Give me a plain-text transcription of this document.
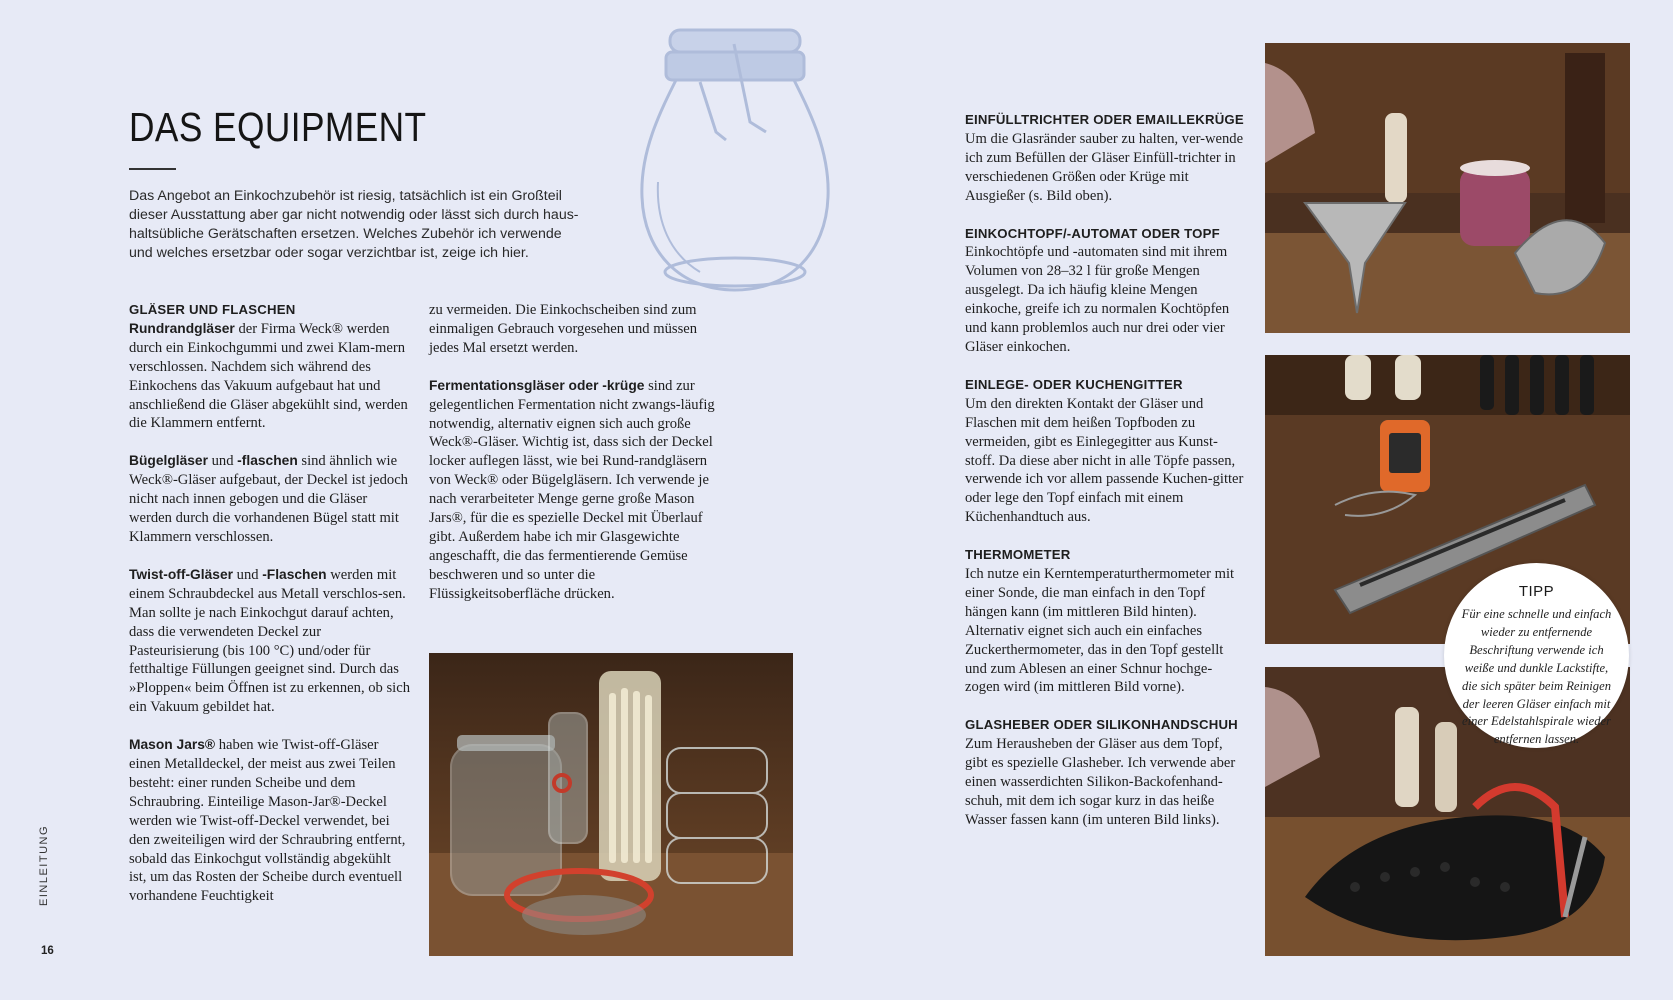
DAS EQUIPMENT
Das Angebot an Einkochzubehör ist riesig, tatsächlich ist ein Großteil dieser Ausstattung aber gar nicht notwendig oder lässt sich durch haus-haltsübliche Gerätschaften ersetzen. Welches Zubehör ich verwende und welches ersetzbar oder sogar verzichtbar ist, zeige ich hier.
GLÄSER UND FLASCHEN

Rundrandgläser der Firma Weck® werden durch ein Einkochgummi und zwei Klam-mern verschlossen. Nachdem sich während des Einkochens das Vakuum aufgebaut hat und anschließend die Gläser abgekühlt sind, werden die Klammern entfernt.

Bügelgläser und -flaschen sind ähnlich wie Weck®-Gläser aufgebaut, der Deckel ist jedoch nicht nach innen gebogen und die Gläser werden durch die vorhandenen Bügel statt mit Klammern verschlossen.

Twist-off-Gläser und -Flaschen werden mit einem Schraubdeckel aus Metall verschlos-sen. Man sollte je nach Einkochgut darauf achten, dass die verwendeten Deckel zur Pasteurisierung (bis 100 °C) und/oder für fetthaltige Füllungen geeignet sind. Durch das »Ploppen« beim Öffnen ist zu erkennen, ob sich ein Vakuum gebildet hat.

Mason Jars® haben wie Twist-off-Gläser einen Metalldeckel, der meist aus zwei Teilen besteht: einer runden Scheibe und dem Schraubring. Einteilige Mason-Jar®-Deckel werden wie Twist-off-Deckel verwendet, bei den zweiteiligen wird der Schraubring entfernt, sobald das Einkochgut vollständig abgekühlt ist, um das Rosten der Scheibe durch eventuell vorhandene Feuchtigkeit

zu vermeiden. Die Einkochscheiben sind zum einmaligen Gebrauch vorgesehen und müssen jedes Mal ersetzt werden.

Fermentationsgläser oder -krüge sind zur gelegentlichen Fermentation nicht zwangs-läufig notwendig, alternativ eignen sich auch große Weck®-Gläser. Wichtig ist, dass sich der Deckel locker auflegen lässt, wie bei Rund-randgläsern von Weck® oder Bügelgläsern. Ich verwende je nach verarbeiteter Menge gerne große Mason Jars®, für die es spezielle Deckel mit Überlauf gibt. Außerdem habe ich mir Glasgewichte angeschafft, die das fermentierende Gemüse beschweren und so unter die Flüssigkeitsoberfläche drücken.

EINFÜLLTRICHTER ODER EMAILLEKRÜGE
Um die Glasränder sauber zu halten, ver-wende ich zum Befüllen der Gläser Einfüll-trichter in verschiedenen Größen oder Krüge mit Ausgießer (s. Bild oben).

EINKOCHTOPF/-AUTOMAT ODER TOPF
Einkochtöpfe und -automaten sind mit ihrem Volumen von 28–32 l für große Mengen ausgelegt. Da ich häufig kleine Mengen einkoche, greife ich zu normalen Kochtöpfen und kann problemlos auch nur drei oder vier Gläser einkochen.

EINLEGE- ODER KUCHENGITTER
Um den direkten Kontakt der Gläser und Flaschen mit dem heißen Topfboden zu vermeiden, gibt es Einlegegitter aus Kunst-stoff. Da diese aber nicht in alle Töpfe passen, verwende ich vor allem passende Kuchen-gitter oder lege den Topf einfach mit einem Küchenhandtuch aus.

THERMOMETER
Ich nutze ein Kerntemperaturthermometer mit einer Sonde, die man einfach in den Topf hängen kann (im mittleren Bild hinten). Alternativ eignet sich auch ein einfaches Zuckerthermometer, das in den Topf gestellt und zum Ablesen an einer Schnur hochge-zogen wird (im mittleren Bild vorne).

GLASHEBER ODER SILIKONHANDSCHUH
Zum Herausheben der Gläser aus dem Topf, gibt es spezielle Glasheber. Ich verwende aber einen wasserdichten Silikon-Backofenhand-schuh, mit dem ich sogar kurz in das heiße Wasser fassen kann (im unteren Bild links).

TIPP
Für eine schnelle und einfach wieder zu entfernende Beschriftung verwende ich weiße und dunkle Lackstifte, die sich später beim Reinigen der leeren Gläser einfach mit einer Edelstahlspirale wieder entfernen lassen.
EINLEITUNG
16
